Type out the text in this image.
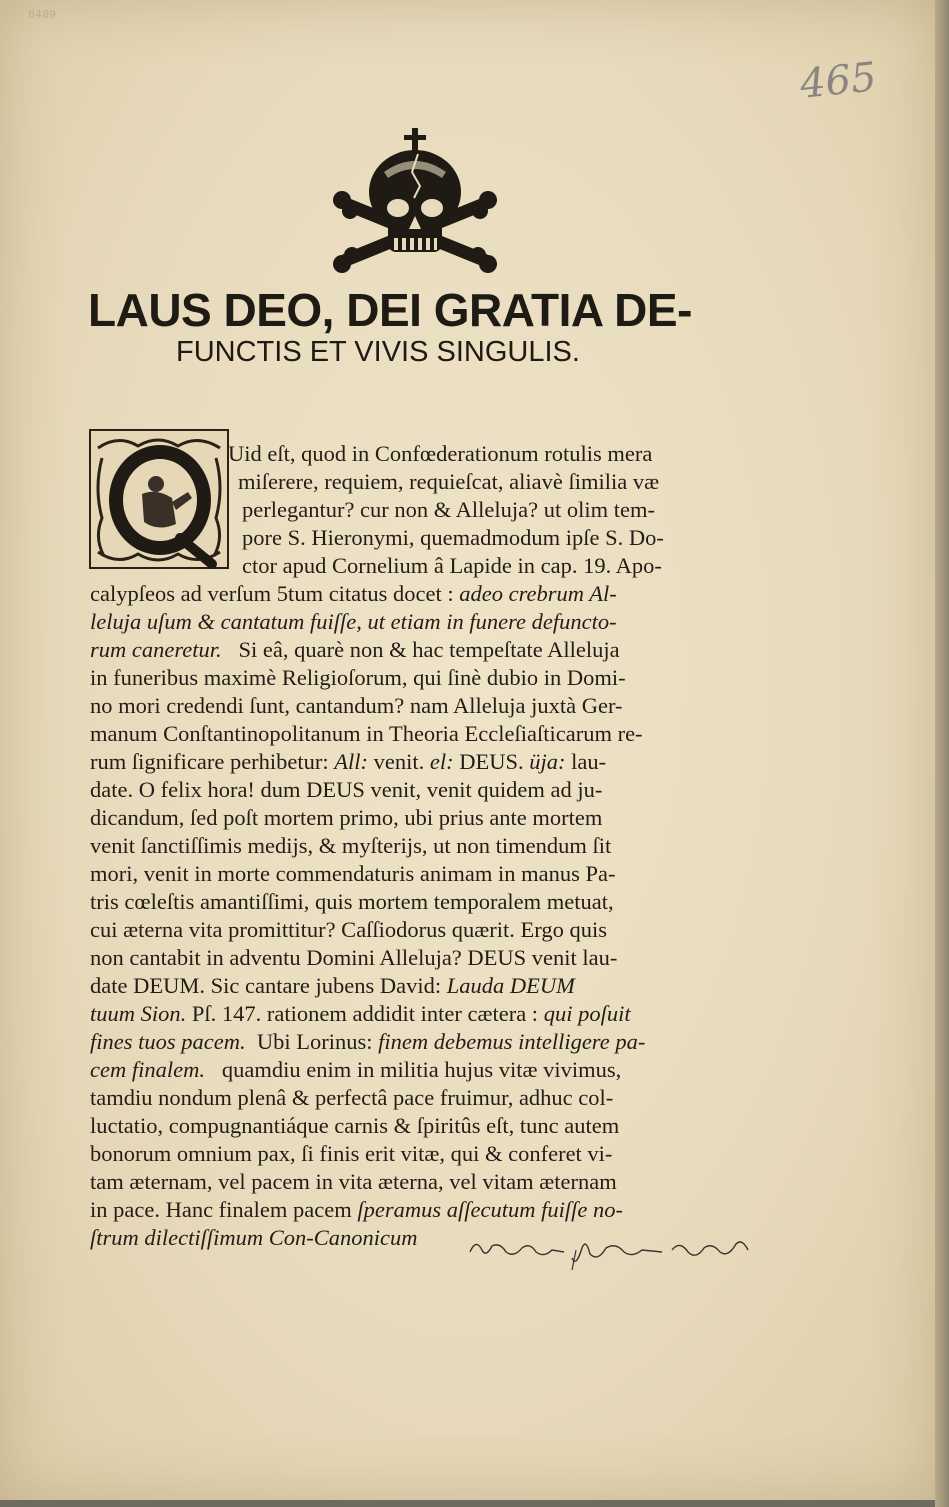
8489
465
LAUS DEO, DEI GRATIA DE-
FUNCTIS ET VIVIS SINGULIS.
Uid eſt, quod in Confœderationum rotulis mera
miſerere, requiem, requieſcat, aliavè ſimilia væ
perlegantur? cur non & Alleluja? ut olim tem-
pore S. Hieronymi, quemadmodum ipſe S. Do-
ctor apud Cornelium â Lapide in cap. 19. Apo-
calypſeos ad verſum 5tum citatus docet : adeo crebrum Al-
leluja uſum & cantatum fuiſſe, ut etiam in funere defuncto-
rum caneretur. Si eâ, quarè non & hac tempeſtate Alleluja
in funeribus maximè Religioſorum, qui ſinè dubio in Domi-
no mori credendi ſunt, cantandum? nam Alleluja juxtà Ger-
manum Conſtantinopolitanum in Theoria Eccleſiaſticarum re-
rum ſignificare perhibetur: All: venit. el: DEUS. üja: lau-
date. O felix hora! dum DEUS venit, venit quidem ad ju-
dicandum, ſed poſt mortem primo, ubi prius ante mortem
venit ſanctiſſimis medijs, & myſterijs, ut non timendum ſit
mori, venit in morte commendaturis animam in manus Pa-
tris cœleſtis amantiſſimi, quis mortem temporalem metuat,
cui æterna vita promittitur? Caſſiodorus quærit. Ergo quis
non cantabit in adventu Domini Alleluja? DEUS venit lau-
date DEUM. Sic cantare jubens David: Lauda DEUM
tuum Sion. Pſ. 147. rationem addidit inter cætera : qui poſuit
fines tuos pacem. Ubi Lorinus: finem debemus intelligere pa-
cem finalem. quamdiu enim in militia hujus vitæ vivimus,
tamdiu nondum plenâ & perfectâ pace fruimur, adhuc col-
luctatio, compugnantiáque carnis & ſpiritûs eſt, tunc autem
bonorum omnium pax, ſi finis erit vitæ, qui & conferet vi-
tam æternam, vel pacem in vita æterna, vel vitam æternam
in pace. Hanc finalem pacem ſperamus aſſecutum fuiſſe no-
ſtrum dilectiſſimum Con-Canonicum
